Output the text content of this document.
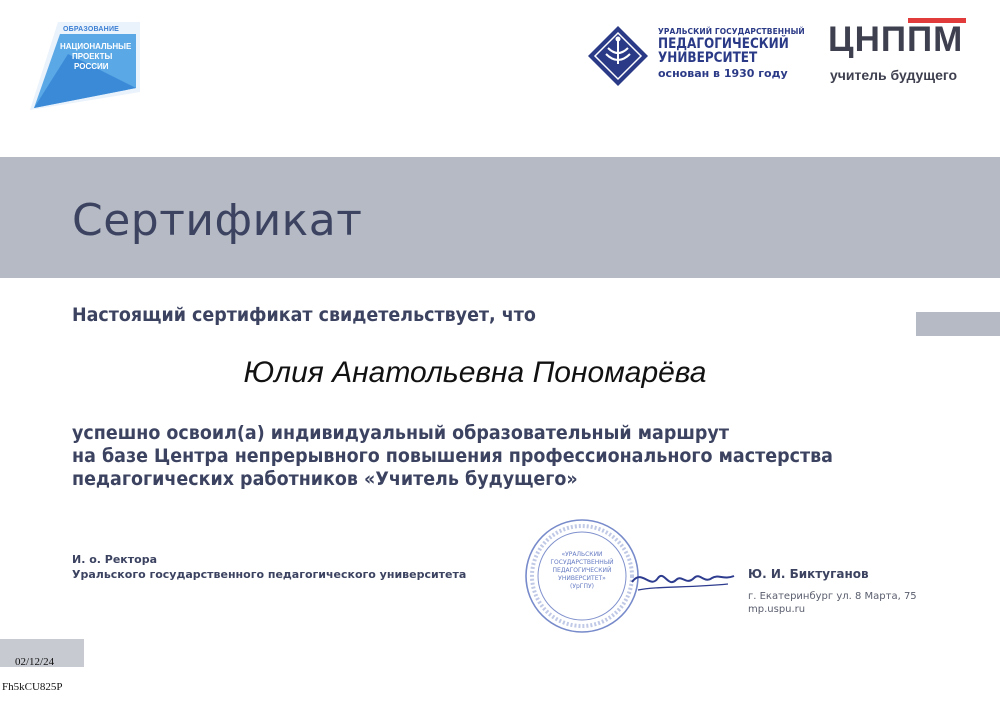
ОБРАЗОВАНИЕ
НАЦИОНАЛЬНЫЕ
ПРОЕКТЫ
РОССИИ
УРАЛЬСКИЙ ГОСУДАРСТВЕННЫЙ
ПЕДАГОГИЧЕСКИЙ
УНИВЕРСИТЕТ
основан в 1930 году
ЦНППМ
учитель будущего
Сертификат
Настоящий сертификат свидетельствует, что
Юлия Анатольевна Пономарёва
успешно освоил(а) индивидуальный образовательный маршрут
на базе Центра непрерывного повышения профессионального мастерства
педагогических работников «Учитель будущего»
И. о. Ректора
Уральского государственного педагогического университета
«УРАЛЬСКИЙ ГОСУДАРСТВЕННЫЙ ПЕДАГОГИЧЕСКИЙ УНИВЕРСИТЕТ» (УрГПУ)
Ю. И. Биктуганов
г. Екатеринбург ул. 8 Марта, 75
mp.uspu.ru
02/12/24
Fh5kCU825P
